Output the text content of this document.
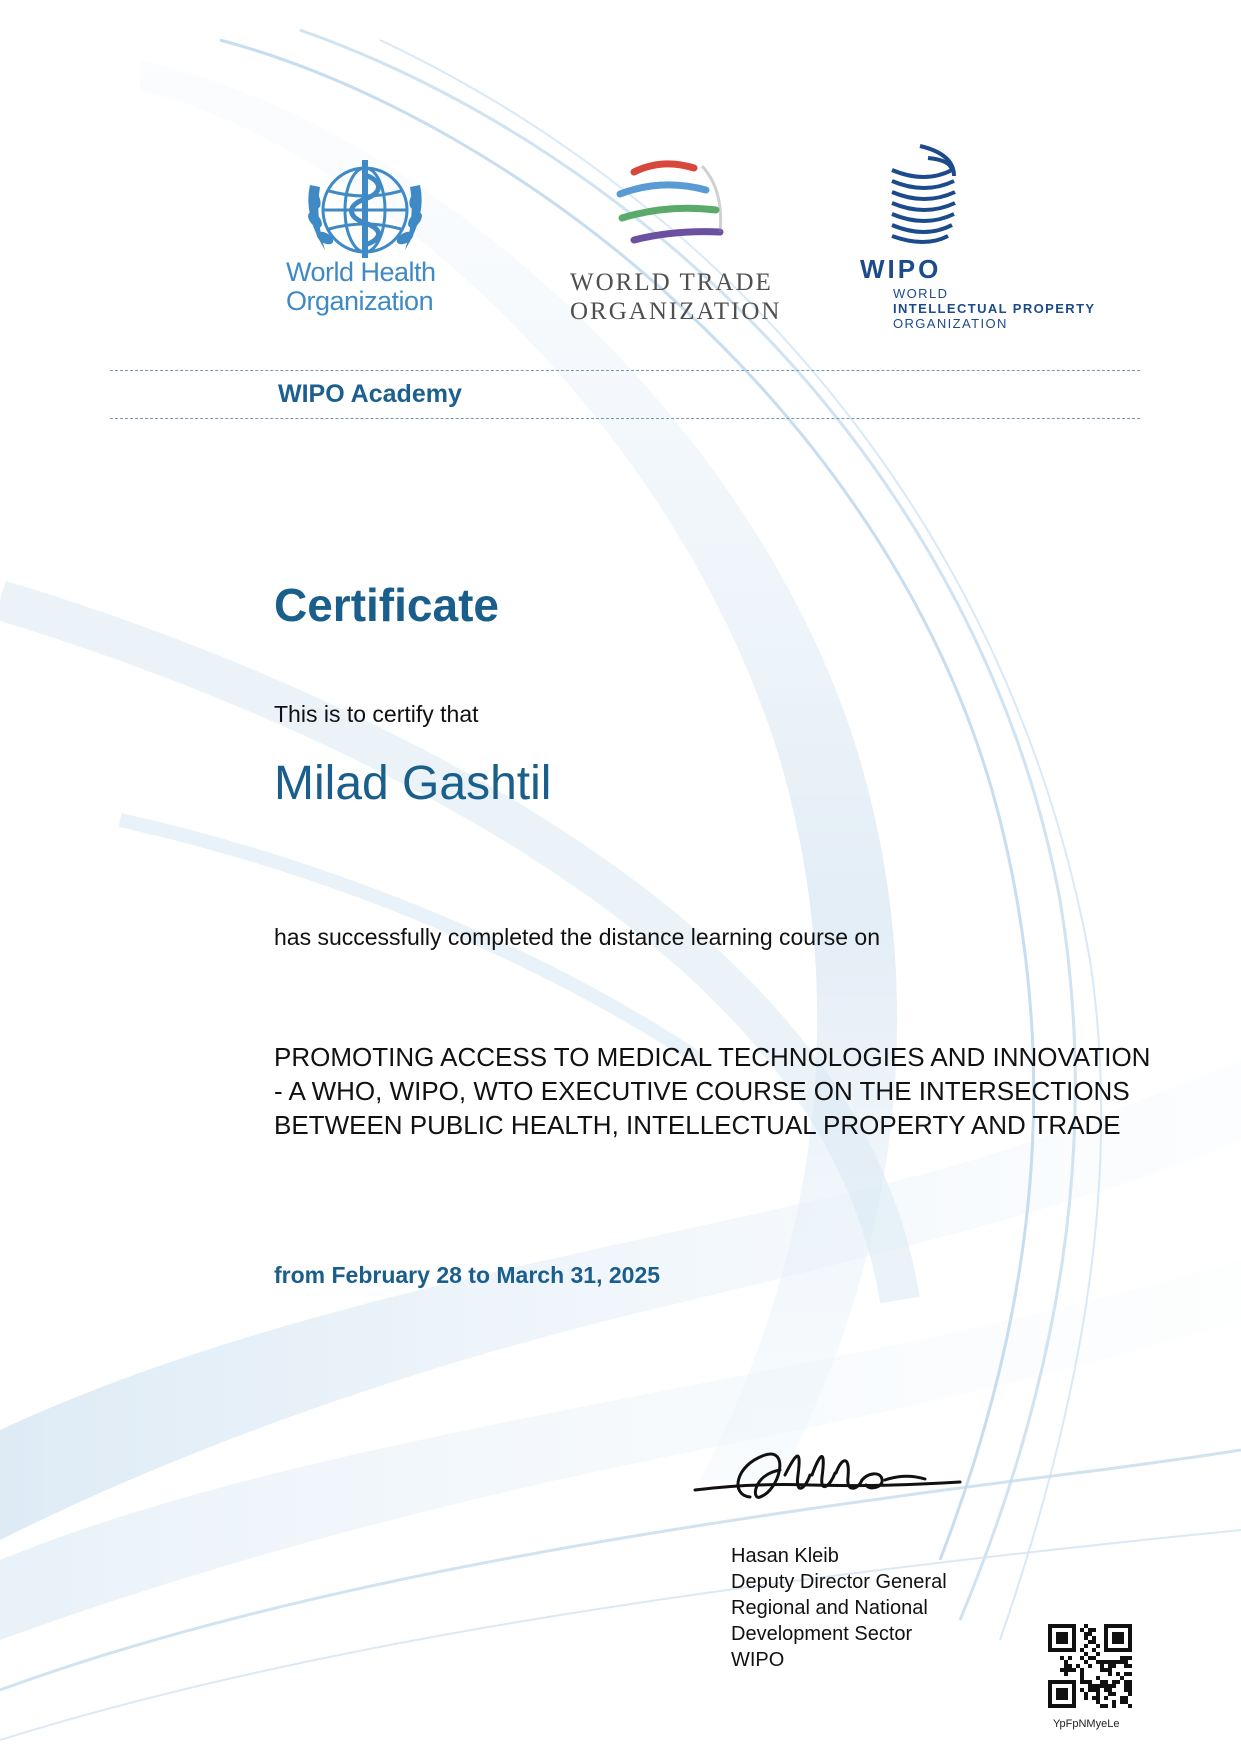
World Health
Organization
WORLD TRADE
ORGANIZATION
WIPO
WORLD
INTELLECTUAL PROPERTY
ORGANIZATION
WIPO Academy
Certificate
This is to certify that
Milad Gashtil
has successfully completed the distance learning course on
PROMOTING ACCESS TO MEDICAL TECHNOLOGIES AND INNOVATION - A WHO, WIPO, WTO EXECUTIVE COURSE ON THE INTERSECTIONS BETWEEN PUBLIC HEALTH, INTELLECTUAL PROPERTY AND TRADE
from February 28 to March 31, 2025
Hasan Kleib
Deputy Director General
Regional and National
Development Sector
WIPO
YpFpNMyeLe
